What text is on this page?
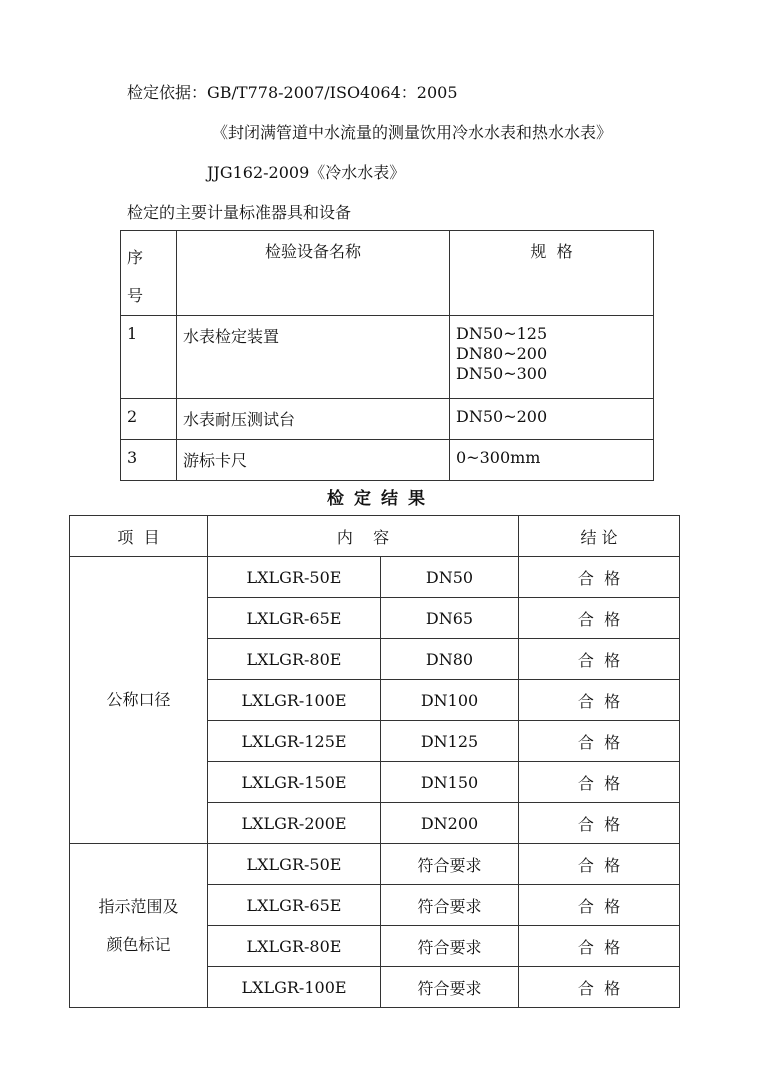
检定依据：GB/T778-2007/ISO4064：2005
《封闭满管道中水流量的测量饮用冷水水表和热水水表》
JJG162-2009《冷水水表》
检定的主要计量标准器具和设备
序
号	检验设备名称	规  格
1	水表检定装置	DN50~125
DN80~200
DN50~300

2	水表耐压测试台	DN50~200
3	游标卡尺	0~300mm
检定结果
项  目	内    容		结 论

公称口径	LXLGR-50E	DN50	合  格
	LXLGR-65E	DN65	合  格
	LXLGR-80E	DN80	合  格
	LXLGR-100E	DN100	合  格
	LXLGR-125E	DN125	合  格
	LXLGR-150E	DN150	合  格
	LXLGR-200E	DN200	合  格

指示范围及
颜色标记	LXLGR-50E	符合要求	合  格
	LXLGR-65E	符合要求	合  格
	LXLGR-80E	符合要求	合  格
	LXLGR-100E	符合要求	合  格
